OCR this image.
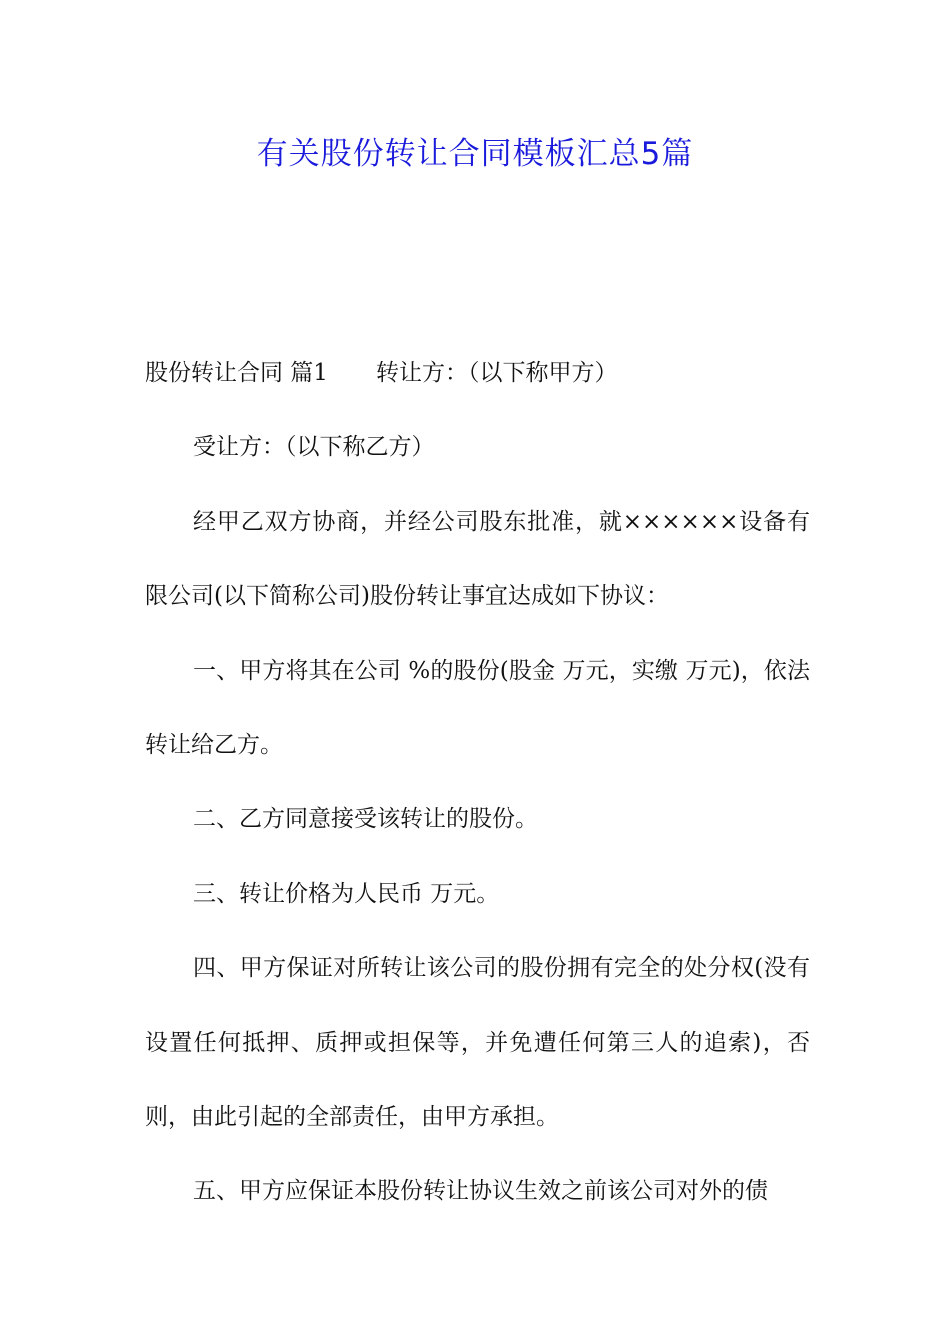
有关股份转让合同模板汇总5篇

股份转让合同 篇1 转让方：（以下称甲方）

受让方：（以下称乙方）

经甲乙双方协商，并经公司股东批准，就××××××设备有限公司(以下简称公司)股份转让事宜达成如下协议：

一、甲方将其在公司 %的股份(股金 万元，实缴 万元)，依法转让给乙方。

二、乙方同意接受该转让的股份。

三、转让价格为人民币 万元。

四、甲方保证对所转让该公司的股份拥有完全的处分权(没有设置任何抵押、质押或担保等，并免遭任何第三人的追索)，否则，由此引起的全部责任，由甲方承担。

五、甲方应保证本股份转让协议生效之前该公司对外的债
